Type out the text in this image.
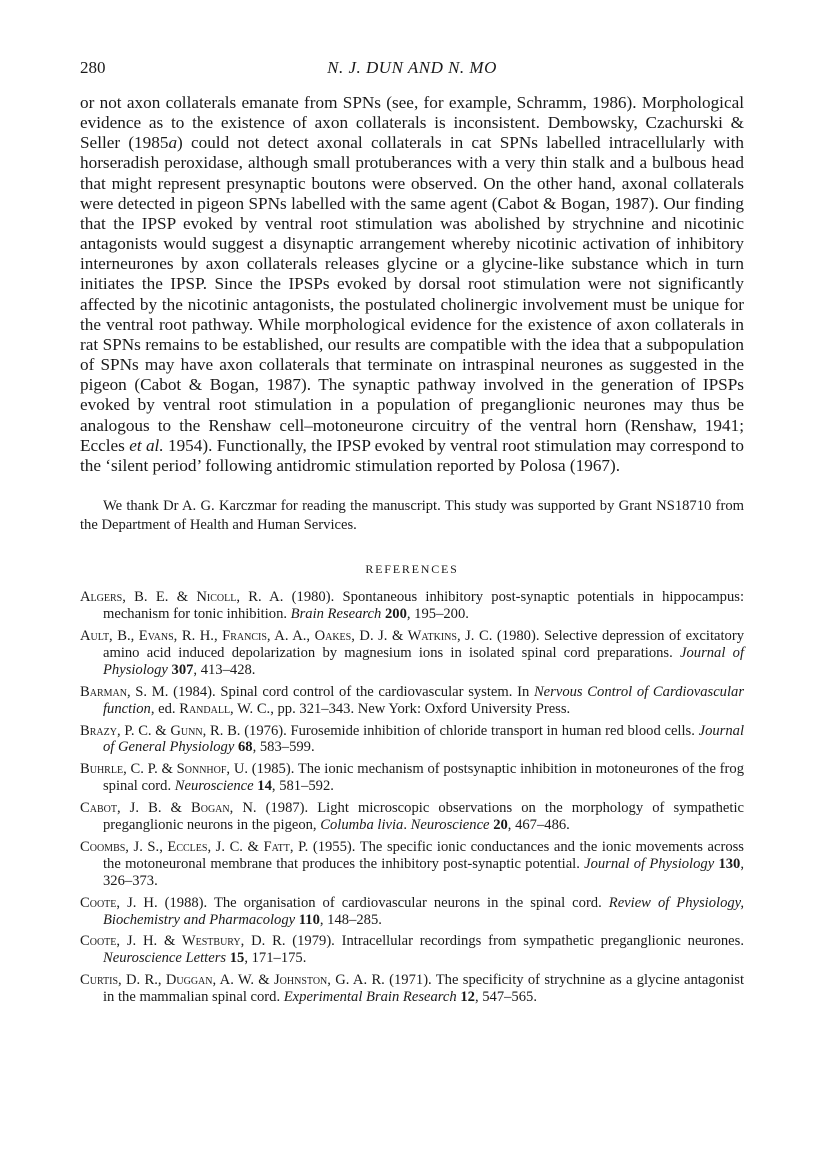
280	N. J. DUN AND N. MO

or not axon collaterals emanate from SPNs (see, for example, Schramm, 1986). Morphological evidence as to the existence of axon collaterals is inconsistent. Dembowsky, Czachurski & Seller (1985a) could not detect axonal collaterals in cat SPNs labelled intracellularly with horseradish peroxidase, although small protuberances with a very thin stalk and a bulbous head that might represent presynaptic boutons were observed. On the other hand, axonal collaterals were detected in pigeon SPNs labelled with the same agent (Cabot & Bogan, 1987). Our finding that the IPSP evoked by ventral root stimulation was abolished by strychnine and nicotinic antagonists would suggest a disynaptic arrangement whereby nicotinic activation of inhibitory interneurones by axon collaterals releases glycine or a glycine-like substance which in turn initiates the IPSP. Since the IPSPs evoked by dorsal root stimulation were not significantly affected by the nicotinic antagonists, the postulated cholinergic involvement must be unique for the ventral root pathway. While morphological evidence for the existence of axon collaterals in rat SPNs remains to be established, our results are compatible with the idea that a subpopulation of SPNs may have axon collaterals that terminate on intraspinal neurones as suggested in the pigeon (Cabot & Bogan, 1987). The synaptic pathway involved in the generation of IPSPs evoked by ventral root stimulation in a population of preganglionic neurones may thus be analogous to the Renshaw cell–motoneurone circuitry of the ventral horn (Renshaw, 1941; Eccles et al. 1954). Functionally, the IPSP evoked by ventral root stimulation may correspond to the ‘silent period’ following antidromic stimulation reported by Polosa (1967).

We thank Dr A. G. Karczmar for reading the manuscript. This study was supported by Grant NS18710 from the Department of Health and Human Services.

REFERENCES
Algers, B. E. & Nicoll, R. A. (1980). Spontaneous inhibitory post-synaptic potentials in hippocampus: mechanism for tonic inhibition. Brain Research 200, 195–200.
Ault, B., Evans, R. H., Francis, A. A., Oakes, D. J. & Watkins, J. C. (1980). Selective depression of excitatory amino acid induced depolarization by magnesium ions in isolated spinal cord preparations. Journal of Physiology 307, 413–428.
Barman, S. M. (1984). Spinal cord control of the cardiovascular system. In Nervous Control of Cardiovascular function, ed. Randall, W. C., pp. 321–343. New York: Oxford University Press.
Brazy, P. C. & Gunn, R. B. (1976). Furosemide inhibition of chloride transport in human red blood cells. Journal of General Physiology 68, 583–599.
Buhrle, C. P. & Sonnhof, U. (1985). The ionic mechanism of postsynaptic inhibition in motoneurones of the frog spinal cord. Neuroscience 14, 581–592.
Cabot, J. B. & Bogan, N. (1987). Light microscopic observations on the morphology of sympathetic preganglionic neurons in the pigeon, Columba livia. Neuroscience 20, 467–486.
Coombs, J. S., Eccles, J. C. & Fatt, P. (1955). The specific ionic conductances and the ionic movements across the motoneuronal membrane that produces the inhibitory post-synaptic potential. Journal of Physiology 130, 326–373.
Coote, J. H. (1988). The organisation of cardiovascular neurons in the spinal cord. Review of Physiology, Biochemistry and Pharmacology 110, 148–285.
Coote, J. H. & Westbury, D. R. (1979). Intracellular recordings from sympathetic preganglionic neurones. Neuroscience Letters 15, 171–175.
Curtis, D. R., Duggan, A. W. & Johnston, G. A. R. (1971). The specificity of strychnine as a glycine antagonist in the mammalian spinal cord. Experimental Brain Research 12, 547–565.
